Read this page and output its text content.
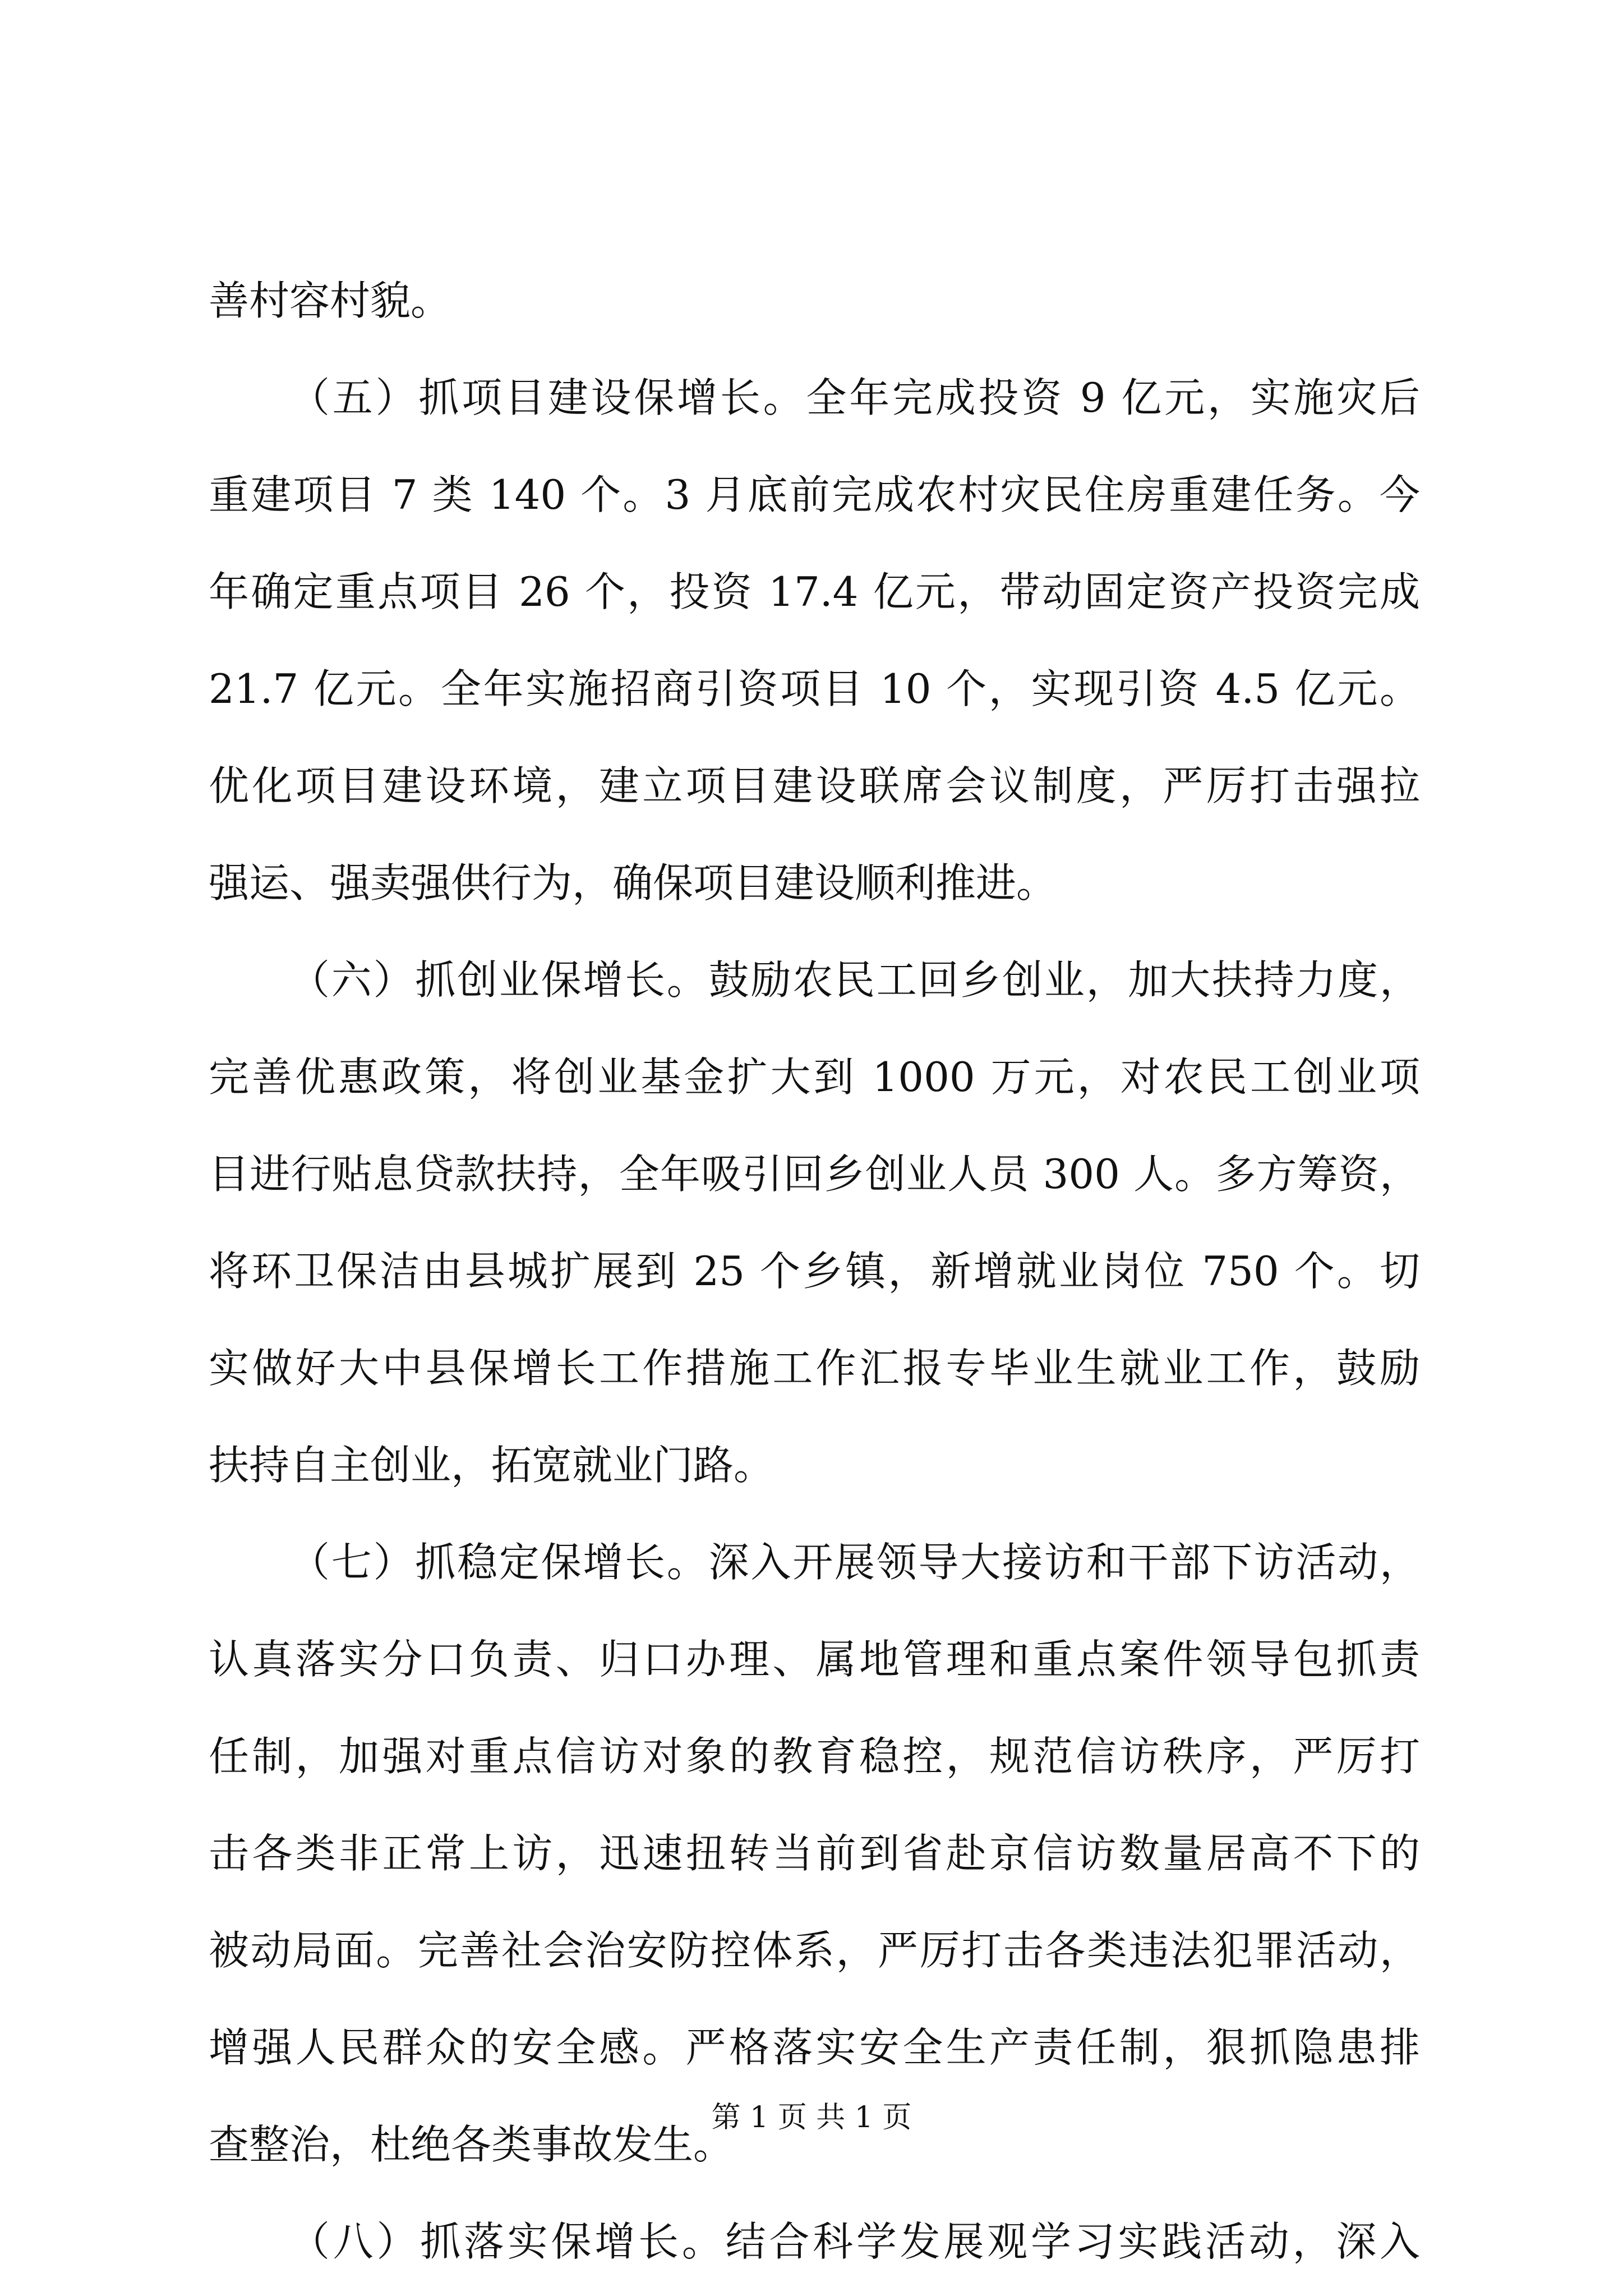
善村容村貌。
（五）抓项目建设保增长。全年完成投资 9 亿元，实施灾后
重建项目 7 类 140 个。3 月底前完成农村灾民住房重建任务。今
年确定重点项目 26 个，投资 17.4 亿元，带动固定资产投资完成
21.7 亿元。全年实施招商引资项目 10 个，实现引资 4.5 亿元。
优化项目建设环境，建立项目建设联席会议制度，严厉打击强拉
强运、强卖强供行为，确保项目建设顺利推进。
（六）抓创业保增长。鼓励农民工回乡创业，加大扶持力度，
完善优惠政策，将创业基金扩大到 1000 万元，对农民工创业项
目进行贴息贷款扶持，全年吸引回乡创业人员 300 人。多方筹资，
将环卫保洁由县城扩展到 25 个乡镇，新增就业岗位 750 个。切
实做好大中县保增长工作措施工作汇报专毕业生就业工作，鼓励
扶持自主创业，拓宽就业门路。
（七）抓稳定保增长。深入开展领导大接访和干部下访活动，
认真落实分口负责、归口办理、属地管理和重点案件领导包抓责
任制，加强对重点信访对象的教育稳控，规范信访秩序，严厉打
击各类非正常上访，迅速扭转当前到省赴京信访数量居高不下的
被动局面。完善社会治安防控体系，严厉打击各类违法犯罪活动，
增强人民群众的安全感。严格落实安全生产责任制，狠抓隐患排
查整治，杜绝各类事故发生。
（八）抓落实保增长。结合科学发展观学习实践活动，深入
第 1 页 共 1 页
